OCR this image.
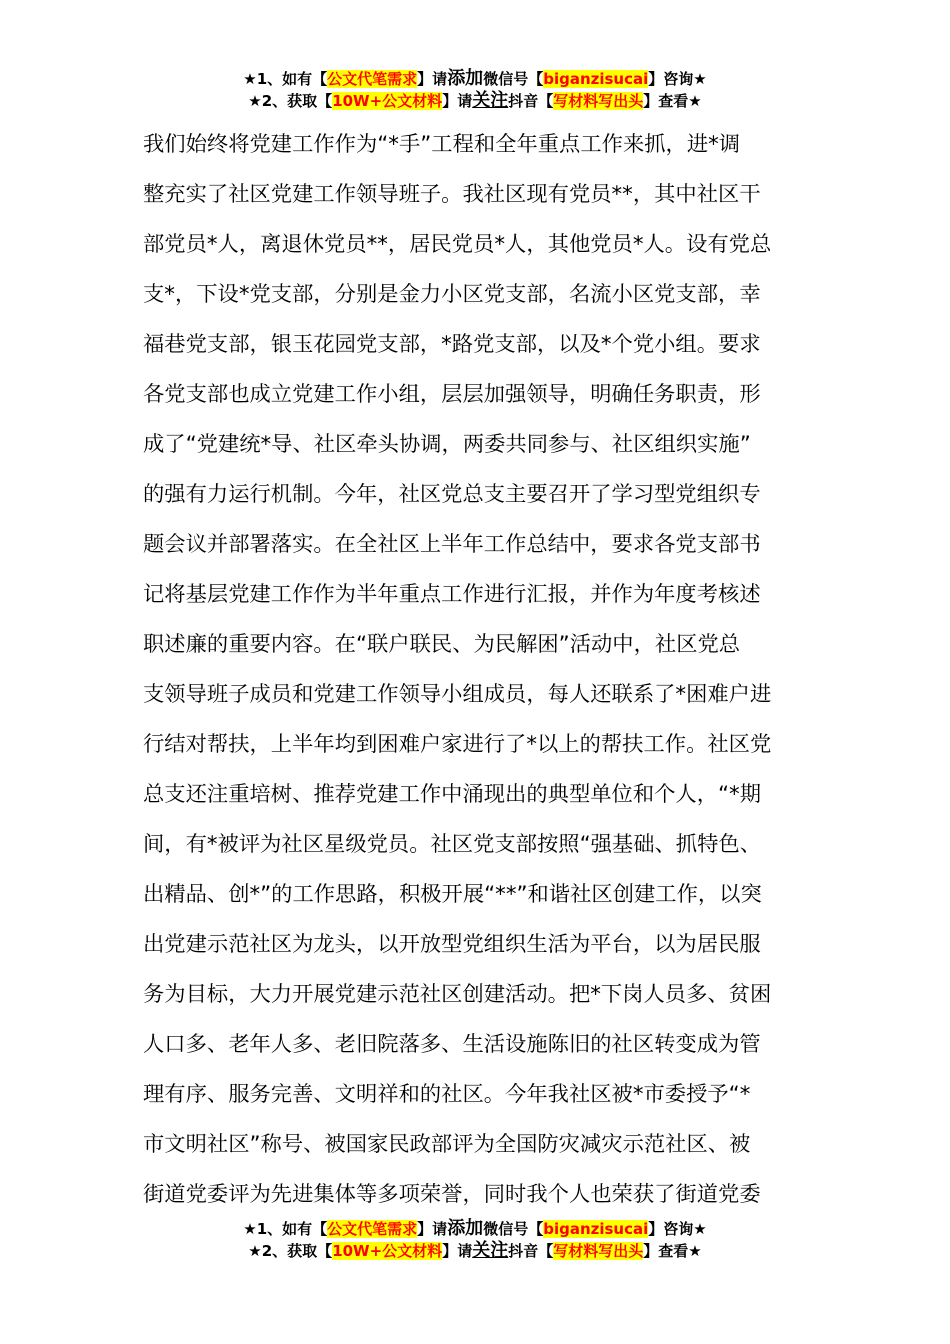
★1、如有【公文代笔需求】请添加微信号【biganzisucai】咨询★
★2、获取【10W+公文材料】请关注抖音【写材料写出头】查看★
我们始终将党建工作作为“*手”工程和全年重点工作来抓，进*调
整充实了社区党建工作领导班子。我社区现有党员**，其中社区干
部党员*人，离退休党员**，居民党员*人，其他党员*人。设有党总
支*，下设*党支部，分别是金力小区党支部，名流小区党支部，幸
福巷党支部，银玉花园党支部，*路党支部，以及*个党小组。要求
各党支部也成立党建工作小组，层层加强领导，明确任务职责，形
成了“党建统*导、社区牵头协调，两委共同参与、社区组织实施”
的强有力运行机制。今年，社区党总支主要召开了学习型党组织专
题会议并部署落实。在全社区上半年工作总结中，要求各党支部书
记将基层党建工作作为半年重点工作进行汇报，并作为年度考核述
职述廉的重要内容。在“联户联民、为民解困”活动中，社区党总
支领导班子成员和党建工作领导小组成员，每人还联系了*困难户进
行结对帮扶，上半年均到困难户家进行了*以上的帮扶工作。社区党
总支还注重培树、推荐党建工作中涌现出的典型单位和个人，“*期
间，有*被评为社区星级党员。社区党支部按照“强基础、抓特色、
出精品、创*”的工作思路，积极开展“**”和谐社区创建工作，以突
出党建示范社区为龙头，以开放型党组织生活为平台，以为居民服
务为目标，大力开展党建示范社区创建活动。把*下岗人员多、贫困
人口多、老年人多、老旧院落多、生活设施陈旧的社区转变成为管
理有序、服务完善、文明祥和的社区。今年我社区被*市委授予“*
市文明社区”称号、被国家民政部评为全国防灾减灾示范社区、被
街道党委评为先进集体等多项荣誉，同时我个人也荣获了街道党委
★1、如有【公文代笔需求】请添加微信号【biganzisucai】咨询★
★2、获取【10W+公文材料】请关注抖音【写材料写出头】查看★
